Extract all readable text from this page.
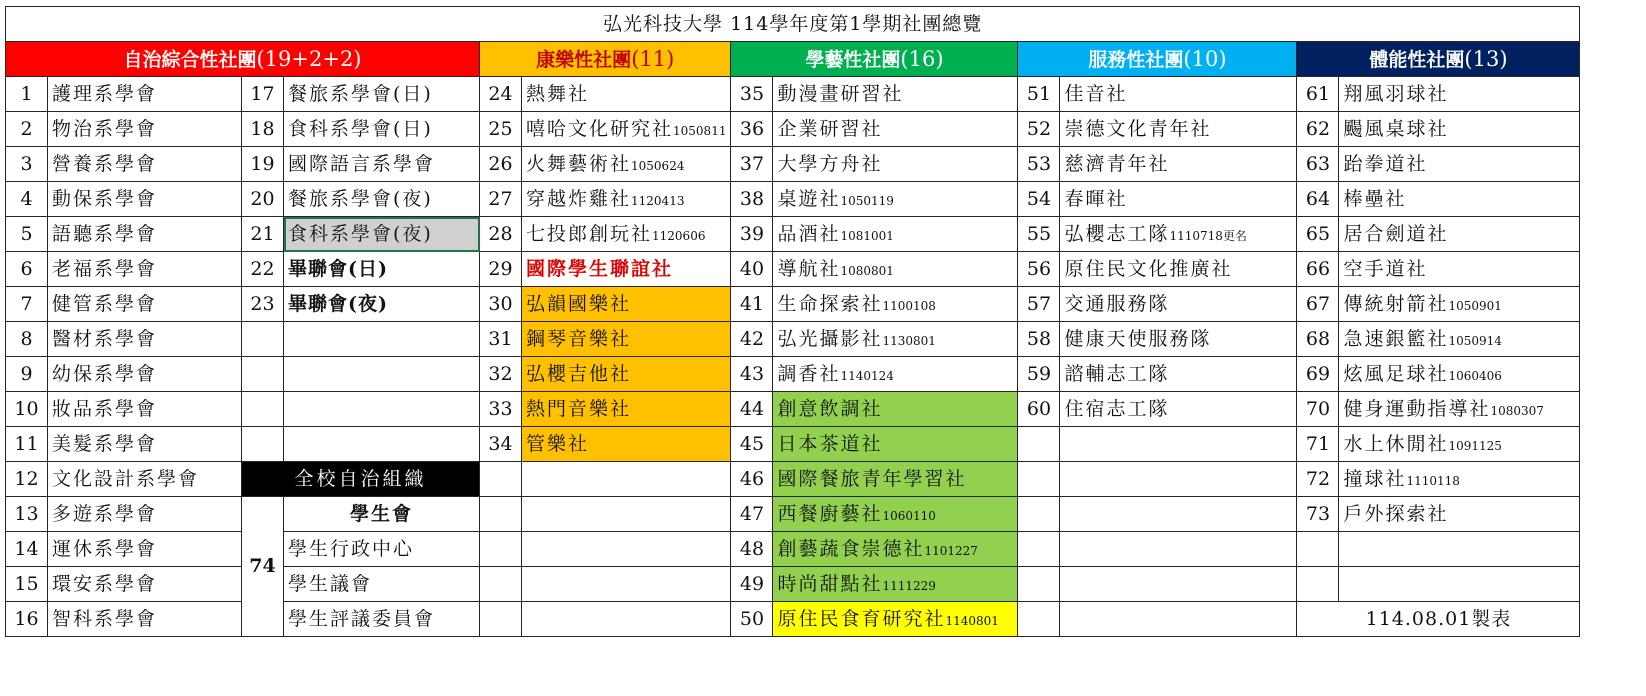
弘光科技大學 114學年度第1學期社團總覽											
自治綜合性社團(19+2+2)				康樂性社團(11)		學藝性社團(16)		服務性社團(10)		體能性社團(13)	
1	護理系學會	17	餐旅系學會(日)	24	熱舞社	35	動漫畫研習社	51	佳音社	61	翔風羽球社
2	物治系學會	18	食科系學會(日)	25	嘻哈文化研究社1050811	36	企業研習社	52	崇德文化青年社	62	颺風桌球社
3	營養系學會	19	國際語言系學會	26	火舞藝術社1050624	37	大學方舟社	53	慈濟青年社	63	跆拳道社
4	動保系學會	20	餐旅系學會(夜)	27	穿越炸雞社1120413	38	桌遊社1050119	54	春暉社	64	棒壘社
5	語聽系學會	21	食科系學會(夜)	28	七投郎創玩社1120606	39	品酒社1081001	55	弘櫻志工隊1110718更名	65	居合劍道社
6	老福系學會	22	畢聯會(日)	29	國際學生聯誼社	40	導航社1080801	56	原住民文化推廣社	66	空手道社
7	健管系學會	23	畢聯會(夜)	30	弘韻國樂社	41	生命探索社1100108	57	交通服務隊	67	傳統射箭社1050901
8	醫材系學會			31	鋼琴音樂社	42	弘光攝影社1130801	58	健康天使服務隊	68	急速銀籃社1050914
9	幼保系學會			32	弘櫻吉他社	43	調香社1140124	59	諮輔志工隊	69	炫風足球社1060406
10	妝品系學會			33	熱門音樂社	44	創意飲調社	60	住宿志工隊	70	健身運動指導社1080307
11	美髮系學會			34	管樂社	45	日本茶道社			71	水上休閒社1091125
12	文化設計系學會	全校自治組織				46	國際餐旅青年學習社			72	撞球社1110118
13	多遊系學會	74	學生會			47	西餐廚藝社1060110			73	戶外探索社
14	運休系學會		學生行政中心			48	創藝蔬食崇德社1101227				
15	環安系學會		學生議會			49	時尚甜點社1111229				
16	智科系學會		學生評議委員會			50	原住民食育研究社1140801			114.08.01製表	
